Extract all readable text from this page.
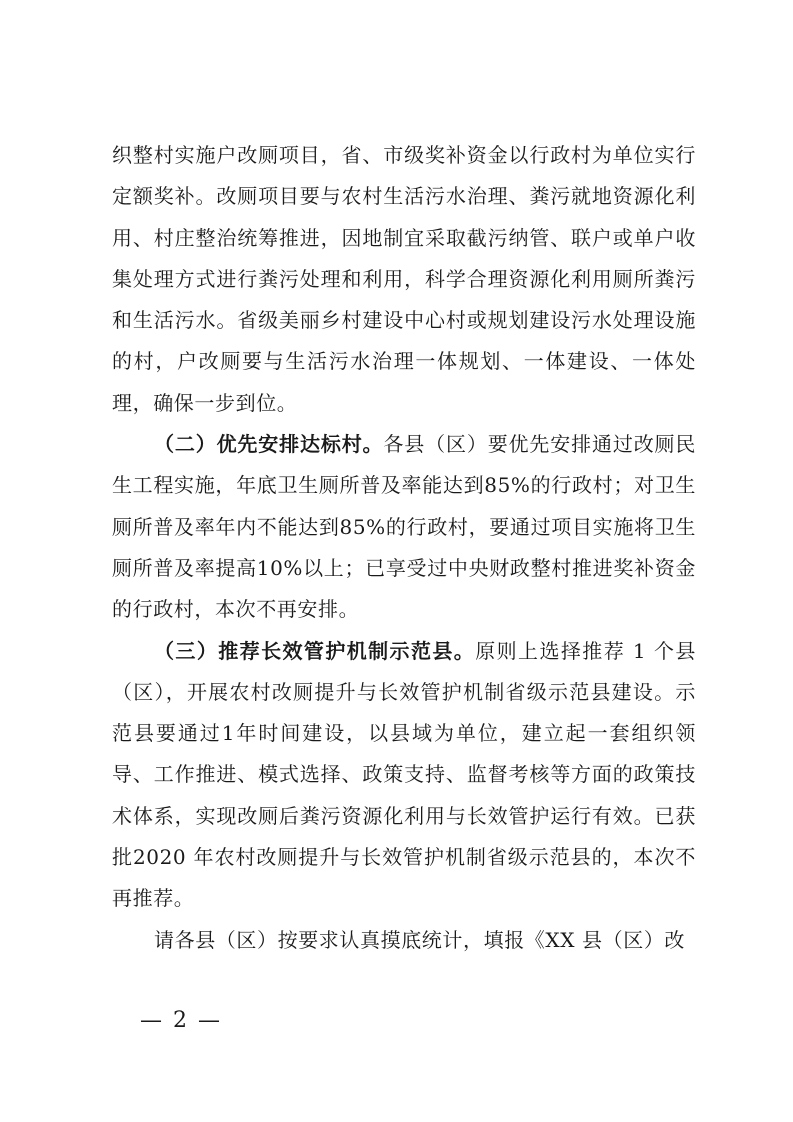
织整村实施户改厕项目，省、市级奖补资金以行政村为单位实行定额奖补。改厕项目要与农村生活污水治理、粪污就地资源化利用、村庄整治统筹推进，因地制宜采取截污纳管、联户或单户收集处理方式进行粪污处理和利用，科学合理资源化利用厕所粪污和生活污水。省级美丽乡村建设中心村或规划建设污水处理设施的村，户改厕要与生活污水治理一体规划、一体建设、一体处理，确保一步到位。

（二）优先安排达标村。各县（区）要优先安排通过改厕民生工程实施，年底卫生厕所普及率能达到85%的行政村；对卫生厕所普及率年内不能达到85%的行政村，要通过项目实施将卫生厕所普及率提高10%以上；已享受过中央财政整村推进奖补资金的行政村，本次不再安排。

（三）推荐长效管护机制示范县。原则上选择推荐 1 个县（区），开展农村改厕提升与长效管护机制省级示范县建设。示范县要通过1年时间建设，以县域为单位，建立起一套组织领导、工作推进、模式选择、政策支持、监督考核等方面的政策技术体系，实现改厕后粪污资源化利用与长效管护运行有效。已获批2020 年农村改厕提升与长效管护机制省级示范县的，本次不再推荐。

请各县（区）按要求认真摸底统计，填报《XX 县（区）改

— 2 —
